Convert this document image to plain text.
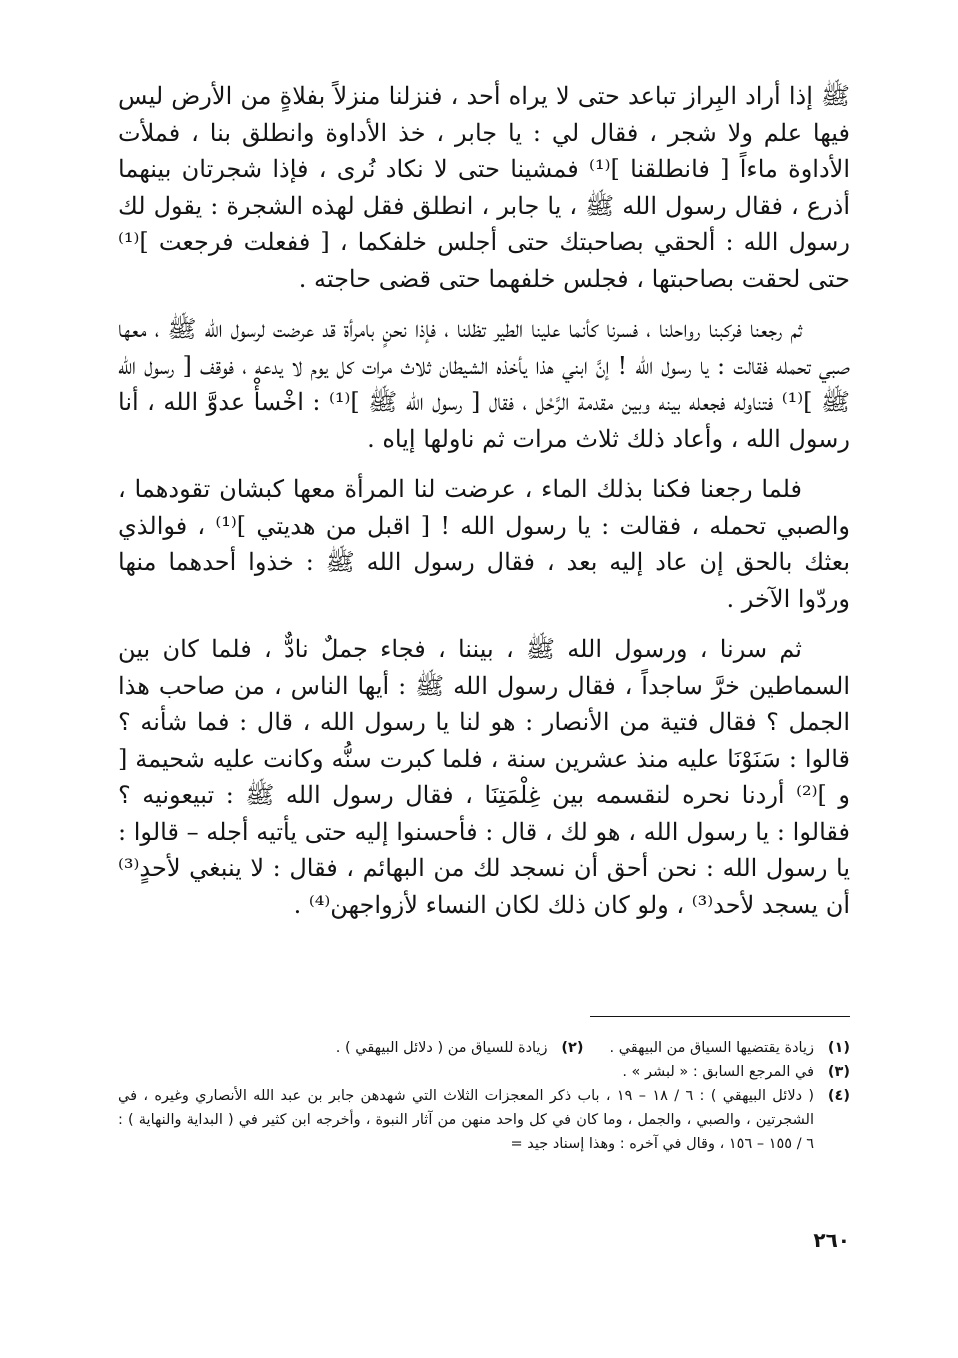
ﷺ إذا أراد البِراز تباعد حتى لا يراه أحد ، فنزلنا منزلاً بفلاةٍ من الأرض ليس فيها علم ولا شجر ، فقال لي : يا جابر ، خذ الأداوة وانطلق بنا ، فملأت الأداوة ماءاً [ فانطلقنا ]⁽¹⁾ فمشينا حتى لا نكاد نُرى ، فإذا شجرتان بينهما أذرع ، فقال رسول الله ﷺ ، يا جابر ، انطلق فقل لهذه الشجرة : يقول لك رسول الله : ألحقي بصاحبتك حتى أجلس خلفكما ، [ ففعلت فرجعت ]⁽¹⁾ حتى لحقت بصاحبتها ، فجلس خلفهما حتى قضى حاجته .

ثم رجعنا فركبنا رواحلنا ، فسرنا كأنما علينا الطير تظلنا ، فإذا نحنٍ بامرأة قد عرضت لرسول الله ﷺ ، معها صبي تحمله فقالت : يا رسول الله ! إنَّ ابني هذا يأخذه الشيطان ثلاث مرات كل يوم لا يدعه ، فوقف [ رسول الله ﷺ ]⁽¹⁾ فتناوله فجعله بينه وبين مقدمة الرَّحْل ، فقال [ رسول الله ﷺ ]⁽¹⁾ : اخْسأْ عدوَّ الله ، أنا رسول الله ، وأعاد ذلك ثلاث مرات ثم ناولها إياه .

فلما رجعنا فكنا بذلك الماء ، عرضت لنا المرأة معها كبشان تقودهما ، والصبي تحمله ، فقالت : يا رسول الله ! [ اقبل من هديتي ]⁽¹⁾ ، فوالذي بعثك بالحق إن عاد إليه بعد ، فقال رسول الله ﷺ : خذوا أحدهما منها وردّوا الآخر .

ثم سرنا ، ورسول الله ﷺ ، بيننا ، فجاء جملٌ نادٌّ ، فلما كان بين السماطين خرَّ ساجداً ، فقال رسول الله ﷺ : أيها الناس ، من صاحب هذا الجمل ؟ فقال فتية من الأنصار : هو لنا يا رسول الله ، قال : فما شأنه ؟ قالوا : سَنَوْنَا عليه منذ عشرين سنة ، فلما كبرت سنُّه وكانت عليه شحيمة [ و ]⁽²⁾ أردنا نحره لنقسمه بين غِلْمَتِنَا ، فقال رسول الله ﷺ : تبيعونيه ؟ فقالوا : يا رسول الله ، هو لك ، قال : فأحسنوا إليه حتى يأتيه أجله – قالوا : يا رسول الله : نحن أحق أن نسجد لك من البهائم ، فقال : لا ينبغي لأحدٍ⁽³⁾ أن يسجد لأحد⁽³⁾ ، ولو كان ذلك لكان النساء لأزواجهن⁽⁴⁾ .

(١)
زيادة يقتضيها السياق من البيهقي .
(٢)
زيادة للسياق من ( دلائل البيهقي ) .
(٣)
في المرجع السابق : « لبشر » .
(٤)
( دلائل البيهقي ) : ٦ / ١٨ – ١٩ ، باب ذكر المعجزات الثلاث التي شهدهن جابر بن عبد الله الأنصاري وغيره ، في الشجرتين ، والصبي ، والجمل ، وما كان في كل واحد منهن من آثار النبوة ، وأخرجه ابن كثير في ( البداية والنهاية ) : ٦ / ١٥٥ – ١٥٦ ، وقال في آخره : وهذا إسناد جيد =
٢٦٠
